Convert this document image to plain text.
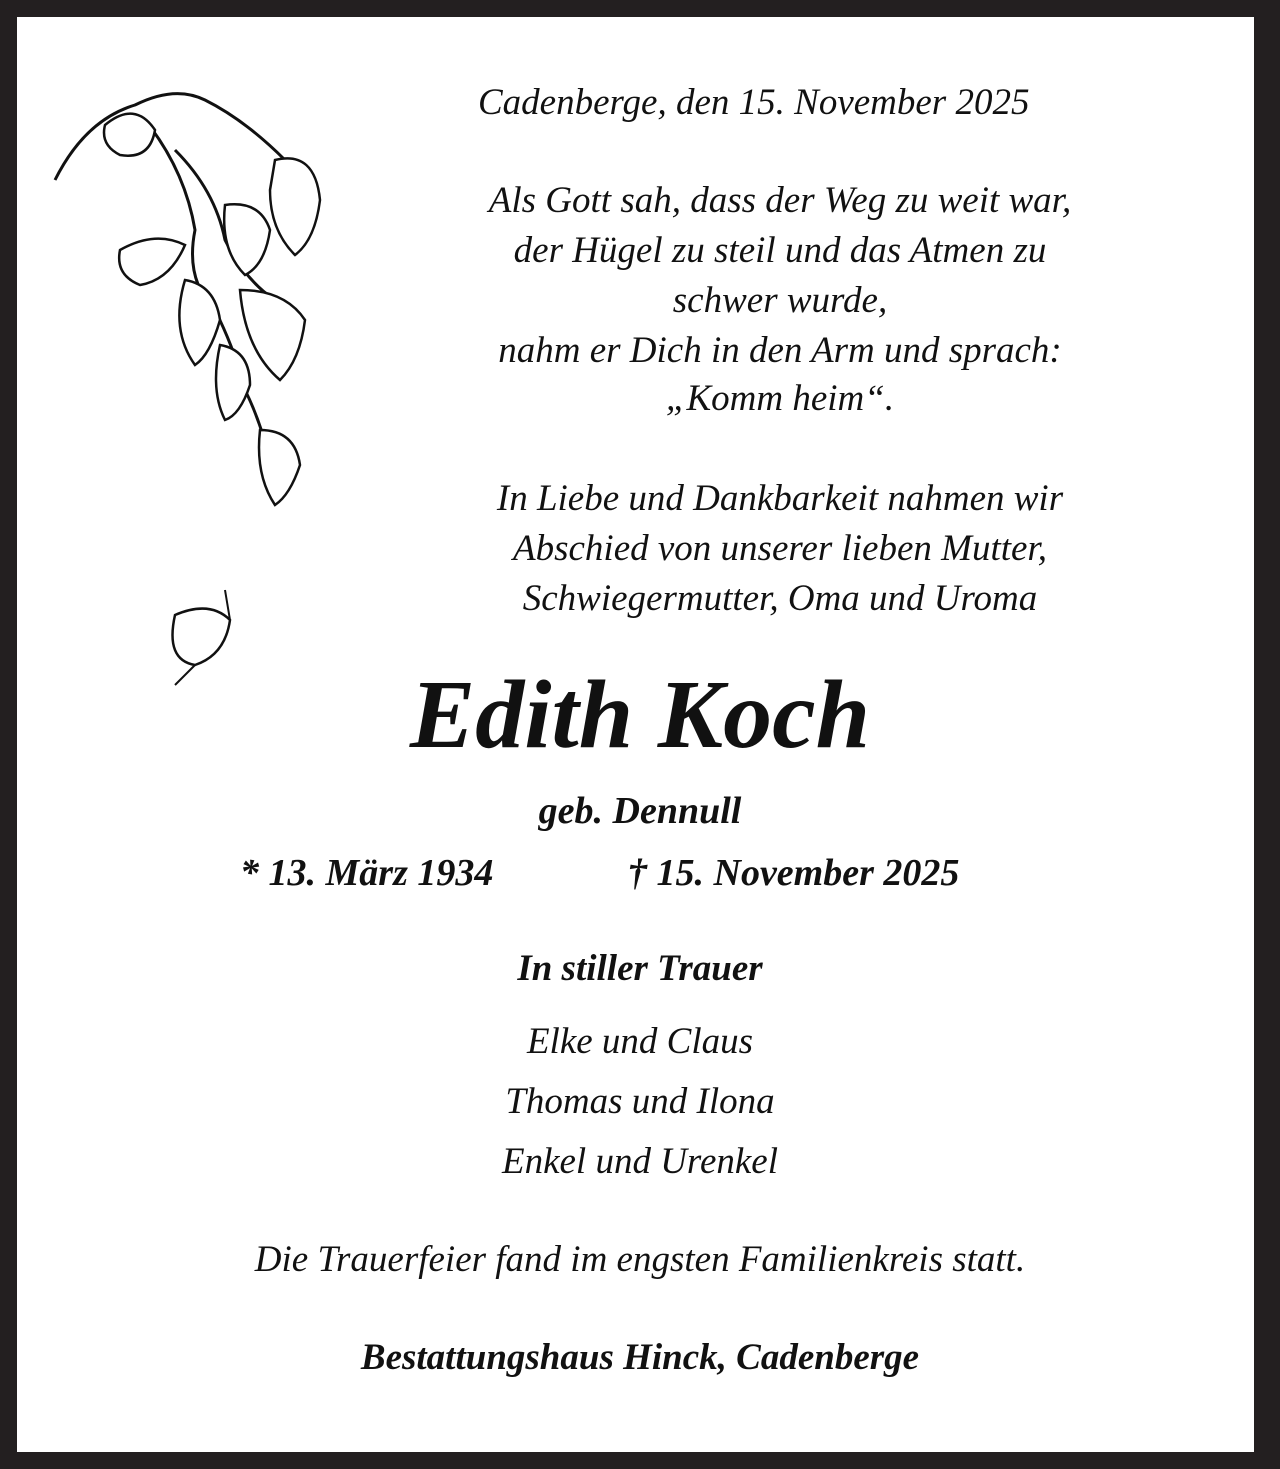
Cadenberge, den 15. November 2025
Als Gott sah, dass der Weg zu weit war,
der Hügel zu steil und das Atmen zu
schwer wurde,
nahm er Dich in den Arm und sprach:
„Komm heim“.
In Liebe und Dankbarkeit nahmen wir
Abschied von unserer lieben Mutter,
Schwiegermutter, Oma und Uroma
Edith Koch
geb. Dennull
* 13. März 1934	† 15. November 2025
In stiller Trauer
Elke und Claus
Thomas und Ilona
Enkel und Urenkel
Die Trauerfeier fand im engsten Familienkreis statt.
Bestattungshaus Hinck, Cadenberge
